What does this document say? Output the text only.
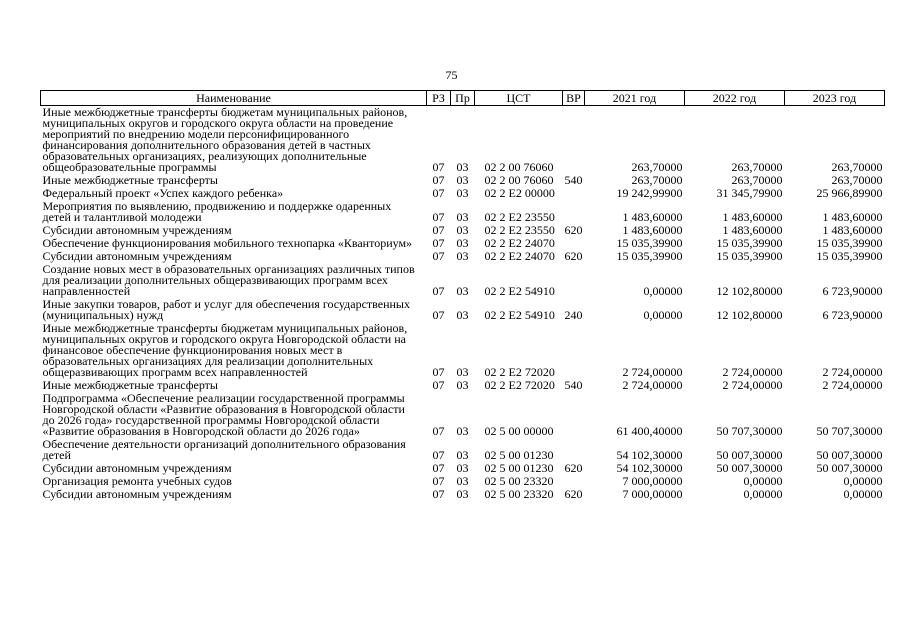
75
Наименование	РЗ	Пр	ЦСТ	ВР	2021 год	2022 год	2023 год
Иные межбюджетные трансферты бюджетам муниципальных районов, муниципальных округов и городского округа области на проведение мероприятий по внедрению модели персонифицированного финансирования дополнительного образования детей в частных образовательных организациях, реализующих дополнительные общеобразовательные программы	07	03	02 2 00 76060		263,70000	263,70000	263,70000
Иные межбюджетные трансферты	07	03	02 2 00 76060	540	263,70000	263,70000	263,70000
Федеральный проект «Успех каждого ребенка»	07	03	02 2 E2 00000		19 242,99900	31 345,79900	25 966,89900
Мероприятия по выявлению, продвижению и поддержке одаренных детей и талантливой молодежи	07	03	02 2 E2 23550		1 483,60000	1 483,60000	1 483,60000
Субсидии автономным учреждениям	07	03	02 2 E2 23550	620	1 483,60000	1 483,60000	1 483,60000
Обеспечение функционирования мобильного технопарка «Кванториум»	07	03	02 2 E2 24070		15 035,39900	15 035,39900	15 035,39900
Субсидии автономным учреждениям	07	03	02 2 E2 24070	620	15 035,39900	15 035,39900	15 035,39900
Создание новых мест в образовательных организациях различных типов для реализации дополнительных общеразвивающих программ всех направленностей	07	03	02 2 E2 54910		0,00000	12 102,80000	6 723,90000
Иные закупки товаров, работ и услуг для обеспечения государственных (муниципальных) нужд	07	03	02 2 E2 54910	240	0,00000	12 102,80000	6 723,90000
Иные межбюджетные трансферты бюджетам муниципальных районов, муниципальных округов и городского округа Новгородской области на финансовое обеспечение функционирования новых мест в образовательных организациях для реализации дополнительных общеразвивающих программ всех направленностей	07	03	02 2 E2 72020		2 724,00000	2 724,00000	2 724,00000
Иные межбюджетные трансферты	07	03	02 2 E2 72020	540	2 724,00000	2 724,00000	2 724,00000
Подпрограмма «Обеспечение реализации государственной программы Новгородской области «Развитие образования в Новгородской области до 2026 года» государственной программы Новгородской области «Развитие образования в Новгородской области до 2026 года»	07	03	02 5 00 00000		61 400,40000	50 707,30000	50 707,30000
Обеспечение деятельности организаций дополнительного образования детей	07	03	02 5 00 01230		54 102,30000	50 007,30000	50 007,30000
Субсидии автономным учреждениям	07	03	02 5 00 01230	620	54 102,30000	50 007,30000	50 007,30000
Организация ремонта учебных судов	07	03	02 5 00 23320		7 000,00000	0,00000	0,00000
Субсидии автономным учреждениям	07	03	02 5 00 23320	620	7 000,00000	0,00000	0,00000
